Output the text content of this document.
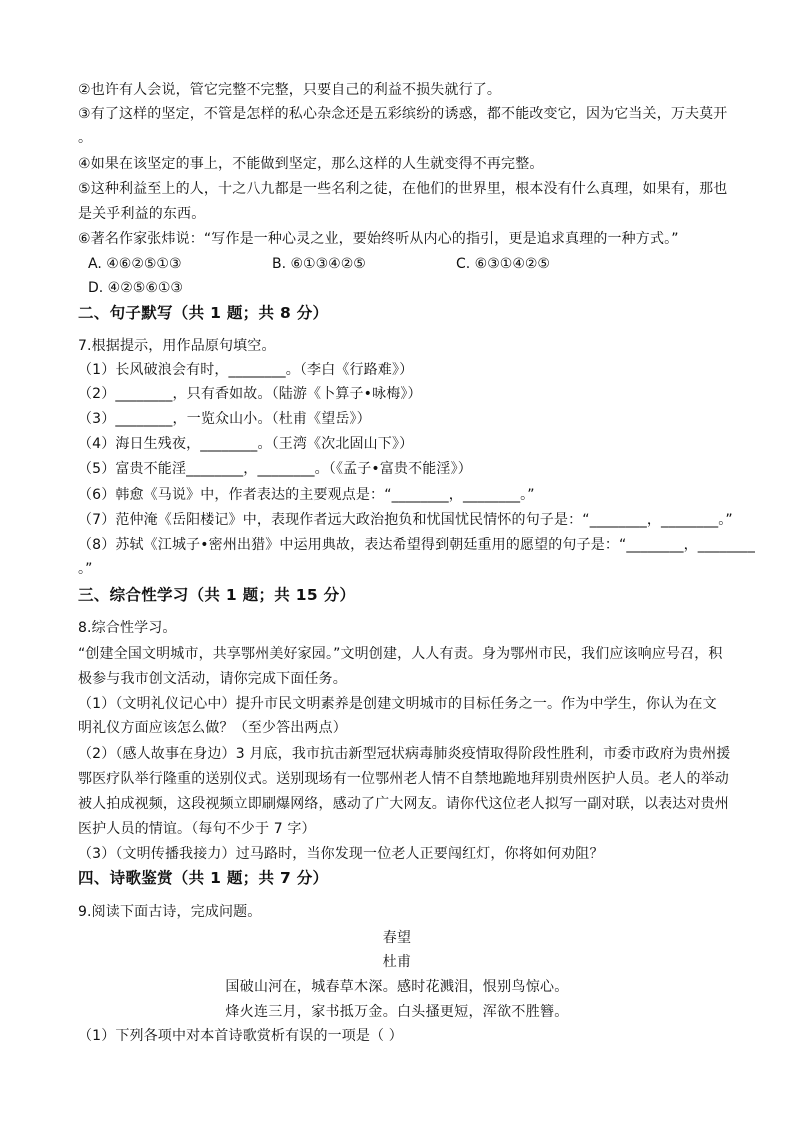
②也许有人会说，管它完整不完整，只要自己的利益不损失就行了。
③有了这样的坚定，不管是怎样的私心杂念还是五彩缤纷的诱惑，都不能改变它，因为它当关，万夫莫开
。
④如果在该坚定的事上，不能做到坚定，那么这样的人生就变得不再完整。
⑤这种利益至上的人，十之八九都是一些名利之徒，在他们的世界里，根本没有什么真理，如果有，那也
是关乎利益的东西。
⑥著名作家张炜说：“写作是一种心灵之业，要始终听从内心的指引，更是追求真理的一种方式。”
A. ④⑥②⑤①③	B. ⑥①③④②⑤	C. ⑥③①④②⑤
D. ④②⑤⑥①③
二、句子默写（共 1 题；共 8 分）
7.根据提示，用作品原句填空。
（1）长风破浪会有时，________。（李白《行路难》）
（2）________，只有香如故。（陆游《卜算子•咏梅》）
（3）________，一览众山小。（杜甫《望岳》）
（4）海日生残夜，________。（王湾《次北固山下》）
（5）富贵不能淫________，________。（《孟子•富贵不能淫》）
（6）韩愈《马说》中，作者表达的主要观点是：“________，________。”
（7）范仲淹《岳阳楼记》中，表现作者远大政治抱负和忧国忧民情怀的句子是：“________，________。”
（8）苏轼《江城子•密州出猎》中运用典故，表达希望得到朝廷重用的愿望的句子是：“________，________
。”
三、综合性学习（共 1 题；共 15 分）
8.综合性学习。
“创建全国文明城市，共享鄂州美好家园。”文明创建，人人有责。身为鄂州市民，我们应该响应号召，积
极参与我市创文活动，请你完成下面任务。
（1）（文明礼仪记心中）提升市民文明素养是创建文明城市的目标任务之一。作为中学生，你认为在文
明礼仪方面应该怎么做？（至少答出两点）
（2）（感人故事在身边）3 月底，我市抗击新型冠状病毒肺炎疫情取得阶段性胜利，市委市政府为贵州援
鄂医疗队举行隆重的送别仪式。送别现场有一位鄂州老人情不自禁地跪地拜别贵州医护人员。老人的举动
被人拍成视频，这段视频立即刷爆网络，感动了广大网友。请你代这位老人拟写一副对联，以表达对贵州
医护人员的情谊。（每句不少于 7 字）
（3）（文明传播我接力）过马路时，当你发现一位老人正要闯红灯，你将如何劝阻？
四、诗歌鉴赏（共 1 题；共 7 分）
9.阅读下面古诗，完成问题。
春望
杜甫
国破山河在，城春草木深。感时花溅泪，恨别鸟惊心。
烽火连三月，家书抵万金。白头搔更短，浑欲不胜簪。
（1）下列各项中对本首诗歌赏析有误的一项是（ ）
